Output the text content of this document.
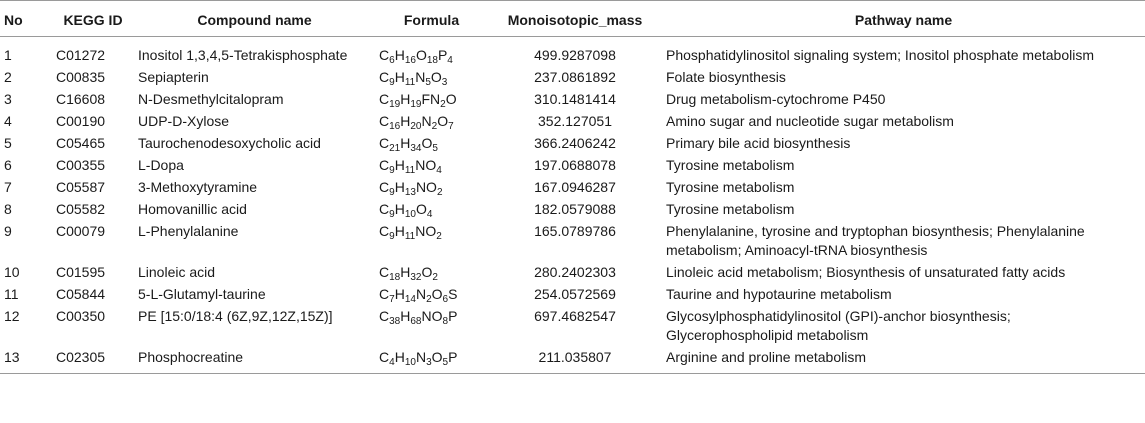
No	KEGG ID	Compound name	Formula	Monoisotopic_mass	Pathway name
1	C01272	Inositol 1,3,4,5-Tetrakisphosphate	$C_6H_{16}O_{18}P_4$	499.9287098	Phosphatidylinositol signaling system; Inositol phosphate metabolism
2	C00835	Sepiapterin	$C_9H_{11}N_5O_3$	237.0861892	Folate biosynthesis
3	C16608	N-Desmethylcitalopram	$C_{19}H_{19}FN_2O$	310.1481414	Drug metabolism-cytochrome P450
4	C00190	UDP-D-Xylose	$C_{16}H_{20}N_2O_7$	352.127051	Amino sugar and nucleotide sugar metabolism
5	C05465	Taurochenodesoxycholic acid	$C_{21}H_{34}O_5$	366.2406242	Primary bile acid biosynthesis
6	C00355	L-Dopa	$C_9H_{11}NO_4$	197.0688078	Tyrosine metabolism
7	C05587	3-Methoxytyramine	$C_9H_{13}NO_2$	167.0946287	Tyrosine metabolism
8	C05582	Homovanillic acid	$C_9H_{10}O_4$	182.0579088	Tyrosine metabolism
9	C00079	L-Phenylalanine	$C_9H_{11}NO_2$	165.0789786	Phenylalanine, tyrosine and tryptophan biosynthesis; Phenylalanine metabolism; Aminoacyl-tRNA biosynthesis
10	C01595	Linoleic acid	$C_{18}H_{32}O_2$	280.2402303	Linoleic acid metabolism; Biosynthesis of unsaturated fatty acids
11	C05844	5-L-Glutamyl-taurine	$C_7H_{14}N_2O_6S$	254.0572569	Taurine and hypotaurine metabolism
12	C00350	PE [15:0/18:4 (6Z,9Z,12Z,15Z)]	$C_{38}H_{68}NO_8P$	697.4682547	Glycosylphosphatidylinositol (GPI)-anchor biosynthesis; Glycerophospholipid metabolism
13	C02305	Phosphocreatine	$C_4H_{10}N_3O_5P$	211.035807	Arginine and proline metabolism
